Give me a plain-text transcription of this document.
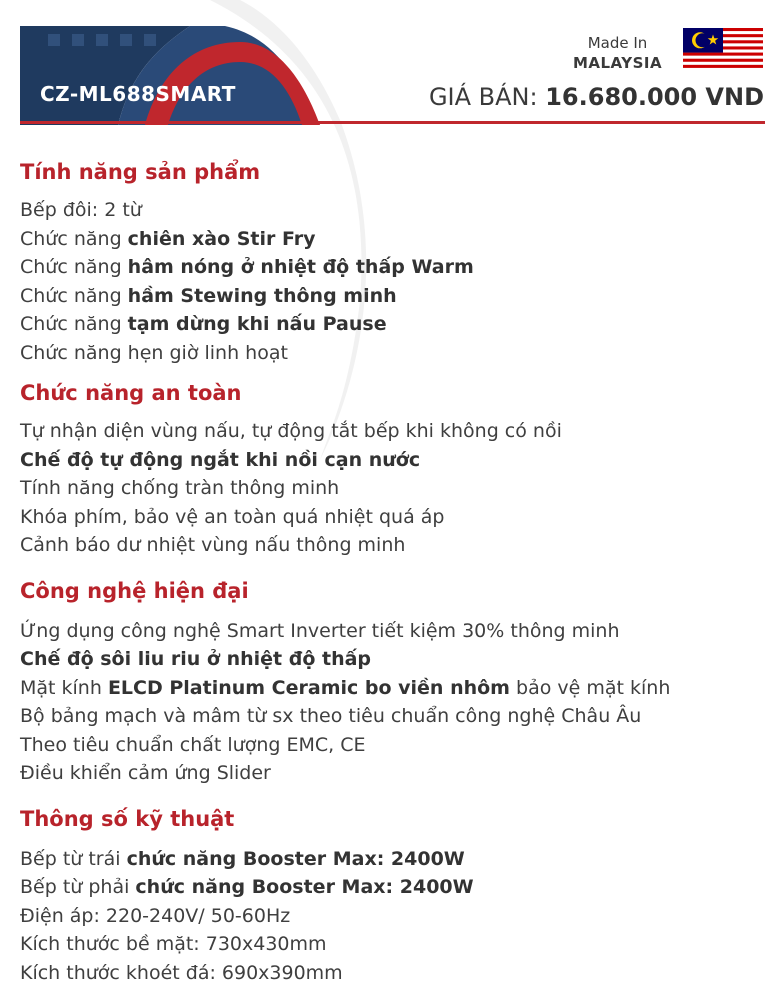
CZ-ML688SMART
Made In
MALAYSIA
GIÁ BÁN: 16.680.000 VND
Tính năng sản phẩm
Bếp đôi: 2 từ
Chức năng chiên xào Stir Fry
Chức năng hâm nóng ở nhiệt độ thấp Warm
Chức năng hầm Stewing thông minh
Chức năng tạm dừng khi nấu Pause
Chức năng hẹn giờ linh hoạt
Chức năng an toàn
Tự nhận diện vùng nấu, tự động tắt bếp khi không có nồi
Chế độ tự động ngắt khi nồi cạn nước
Tính năng chống tràn thông minh
Khóa phím, bảo vệ an toàn quá nhiệt quá áp
Cảnh báo dư nhiệt vùng nấu thông minh
Công nghệ hiện đại
Ứng dụng công nghệ Smart Inverter tiết kiệm 30% thông minh
Chế độ sôi liu riu ở nhiệt độ thấp
Mặt kính ELCD Platinum Ceramic bo viền nhôm bảo vệ mặt kính
Bộ bảng mạch và mâm từ sx theo tiêu chuẩn công nghệ Châu Âu
Theo tiêu chuẩn chất lượng EMC, CE
Điều khiển cảm ứng Slider
Thông số kỹ thuật
Bếp từ trái chức năng Booster Max: 2400W
Bếp từ phải chức năng Booster Max: 2400W
Điện áp: 220-240V/ 50-60Hz
Kích thước bề mặt: 730x430mm
Kích thước khoét đá: 690x390mm
